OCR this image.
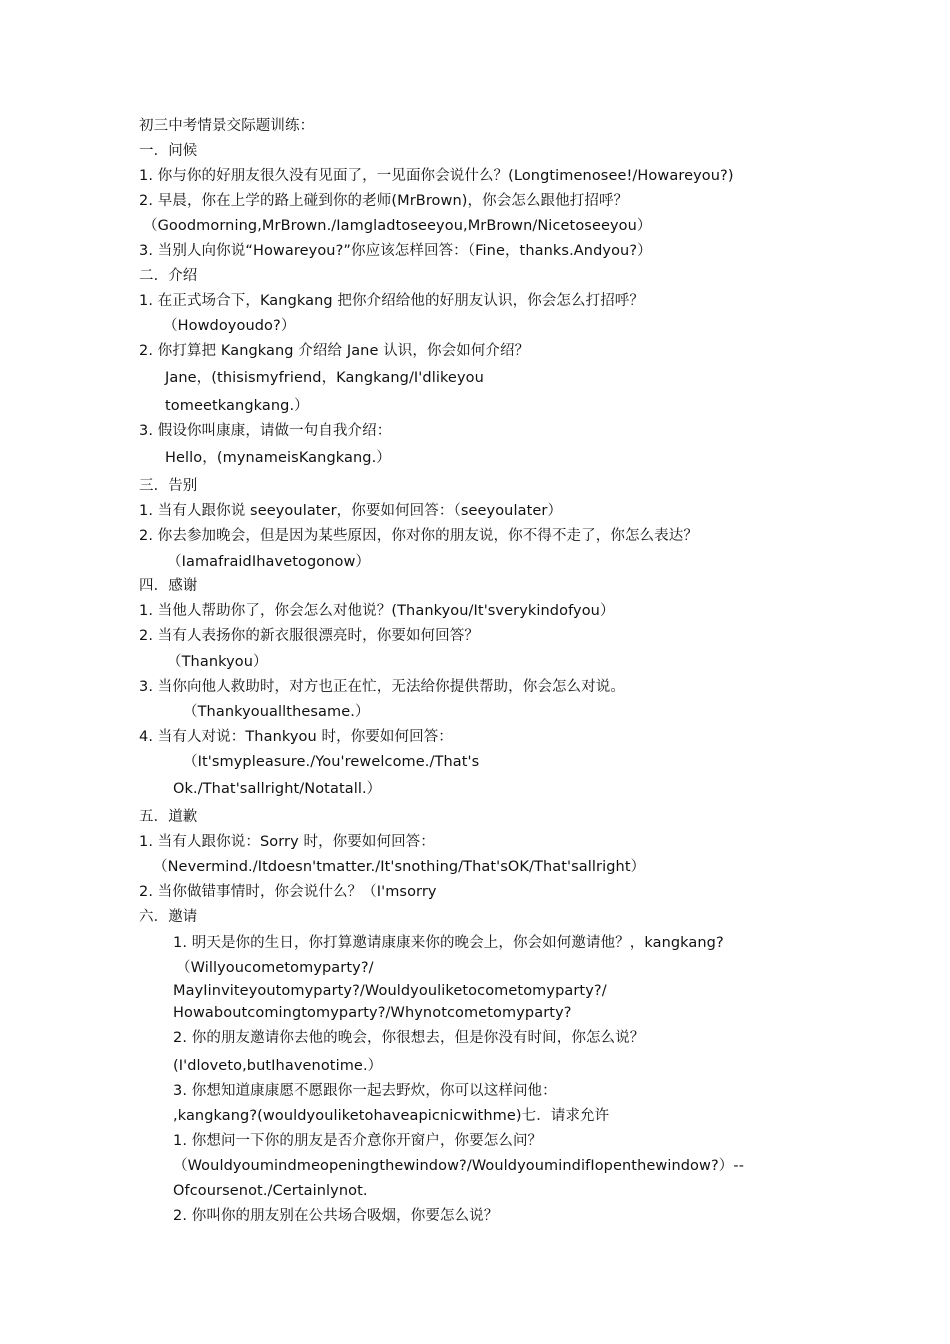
初三中考情景交际题训练：
一．问候
1. 你与你的好朋友很久没有见面了，一见面你会说什么？(Longtimenosee!/Howareyou?)
2. 早晨，你在上学的路上碰到你的老师(MrBrown)，你会怎么跟他打招呼？
（Goodmorning,MrBrown./Iamgladtoseeyou,MrBrown/Nicetoseeyou）
3. 当别人向你说“Howareyou?”你应该怎样回答：（Fine，thanks.Andyou?）
二．介绍
1. 在正式场合下，Kangkang 把你介绍给他的好朋友认识，你会怎么打招呼？
（Howdoyoudo?）
2. 你打算把 Kangkang 介绍给 Jane 认识，你会如何介绍？
Jane，(thisismyfriend，Kangkang/I'dlikeyou
tomeetkangkang.）
3. 假设你叫康康，请做一句自我介绍：
Hello，(mynameisKangkang.）
三．告别
1. 当有人跟你说 seeyoulater，你要如何回答：（seeyoulater）
2. 你去参加晚会，但是因为某些原因，你对你的朋友说，你不得不走了，你怎么表达？
（IamafraidIhavetogonow）
四．感谢
1. 当他人帮助你了，你会怎么对他说？(Thankyou/It'sverykindofyou）
2. 当有人表扬你的新衣服很漂亮时，你要如何回答？
（Thankyou）
3. 当你向他人救助时，对方也正在忙，无法给你提供帮助，你会怎么对说。
（Thankyouallthesame.）
4. 当有人对说：Thankyou 时，你要如何回答：
（It'smypleasure./You'rewelcome./That's
Ok./That'sallright/Notatall.）
五．道歉
1. 当有人跟你说：Sorry 时，你要如何回答：
（Nevermind./Itdoesn'tmatter./It'snothing/That'sOK/That'sallright）
2. 当你做错事情时，你会说什么？（I'msorry
六．邀请
1. 明天是你的生日，你打算邀请康康来你的晚会上，你会如何邀请他？，kangkang?
（Willyoucometomyparty?/
MayIinviteyoutomyparty?/Wouldyouliketocometomyparty?/
Howaboutcomingtomyparty?/Whynotcometomyparty?
2. 你的朋友邀请你去他的晚会，你很想去，但是你没有时间，你怎么说？
(I'dloveto,butIhavenotime.）
3. 你想知道康康愿不愿跟你一起去野炊，你可以这样问他：
,kangkang?(wouldyouliketohaveapicnicwithme)七．请求允许
1. 你想问一下你的朋友是否介意你开窗户，你要怎么问？
（Wouldyoumindmeopeningthewindow?/WouldyoumindifIopenthewindow?）--
Ofcoursenot./Certainlynot.
2. 你叫你的朋友别在公共场合吸烟，你要怎么说？
